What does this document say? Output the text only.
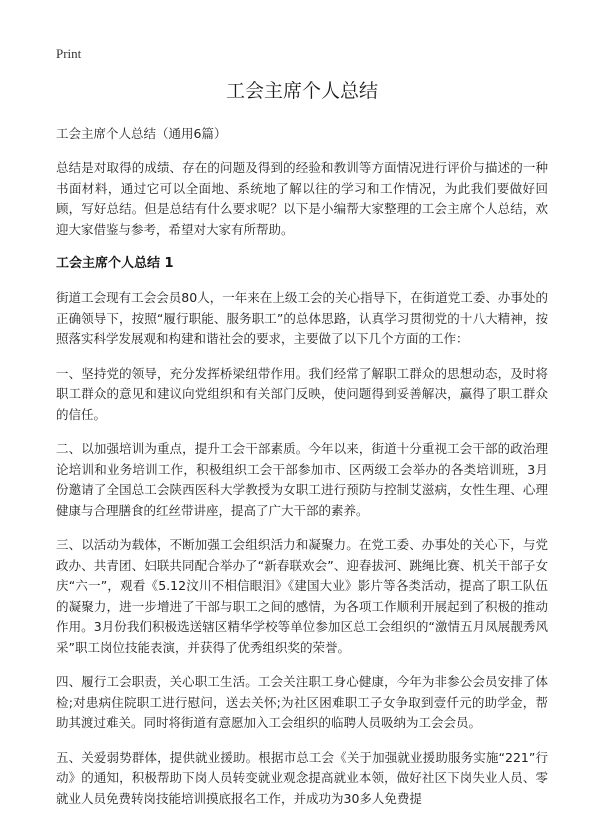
Print
工会主席个人总结

工会主席个人总结（通用6篇）

总结是对取得的成绩、存在的问题及得到的经验和教训等方面情况进行评价与描述的一种书面材料，通过它可以全面地、系统地了解以往的学习和工作情况，为此我们要做好回顾，写好总结。但是总结有什么要求呢？以下是小编帮大家整理的工会主席个人总结，欢迎大家借鉴与参考，希望对大家有所帮助。

工会主席个人总结 1

街道工会现有工会会员80人，一年来在上级工会的关心指导下，在街道党工委、办事处的正确领导下，按照“履行职能、服务职工”的总体思路，认真学习贯彻党的十八大精神，按照落实科学发展观和构建和谐社会的要求，主要做了以下几个方面的工作：

一、坚持党的领导，充分发挥桥梁纽带作用。我们经常了解职工群众的思想动态，及时将职工群众的意见和建议向党组织和有关部门反映，使问题得到妥善解决，赢得了职工群众的信任。

二、以加强培训为重点，提升工会干部素质。今年以来，街道十分重视工会干部的政治理论培训和业务培训工作，积极组织工会干部参加市、区两级工会举办的各类培训班，3月份邀请了全国总工会陕西医科大学教授为女职工进行预防与控制艾滋病，女性生理、心理健康与合理膳食的红丝带讲座，提高了广大干部的素养。

三、以活动为载体，不断加强工会组织活力和凝聚力。在党工委、办事处的关心下，与党政办、共青团、妇联共同配合举办了“新春联欢会”、迎春拔河、跳绳比赛、机关干部子女庆“六一”，观看《5.12汶川不相信眼泪》《建国大业》影片等各类活动，提高了职工队伍的凝聚力，进一步增进了干部与职工之间的感情，为各项工作顺利开展起到了积极的推动作用。3月份我们积极选送辖区精华学校等单位参加区总工会组织的“激情五月凤展靓秀风采”职工岗位技能表演，并获得了优秀组织奖的荣誉。

四、履行工会职责，关心职工生活。工会关注职工身心健康，今年为非参公会员安排了体检;对患病住院职工进行慰问，送去关怀;为社区困难职工子女争取到壹仟元的助学金，帮助其渡过难关。同时将街道有意愿加入工会组织的临聘人员吸纳为工会会员。

五、关爱弱势群体，提供就业援助。根据市总工会《关于加强就业援助服务实施“221”行动》的通知，积极帮助下岗人员转变就业观念提高就业本领，做好社区下岗失业人员、零就业人员免费转岗技能培训摸底报名工作，并成功为30多人免费提
